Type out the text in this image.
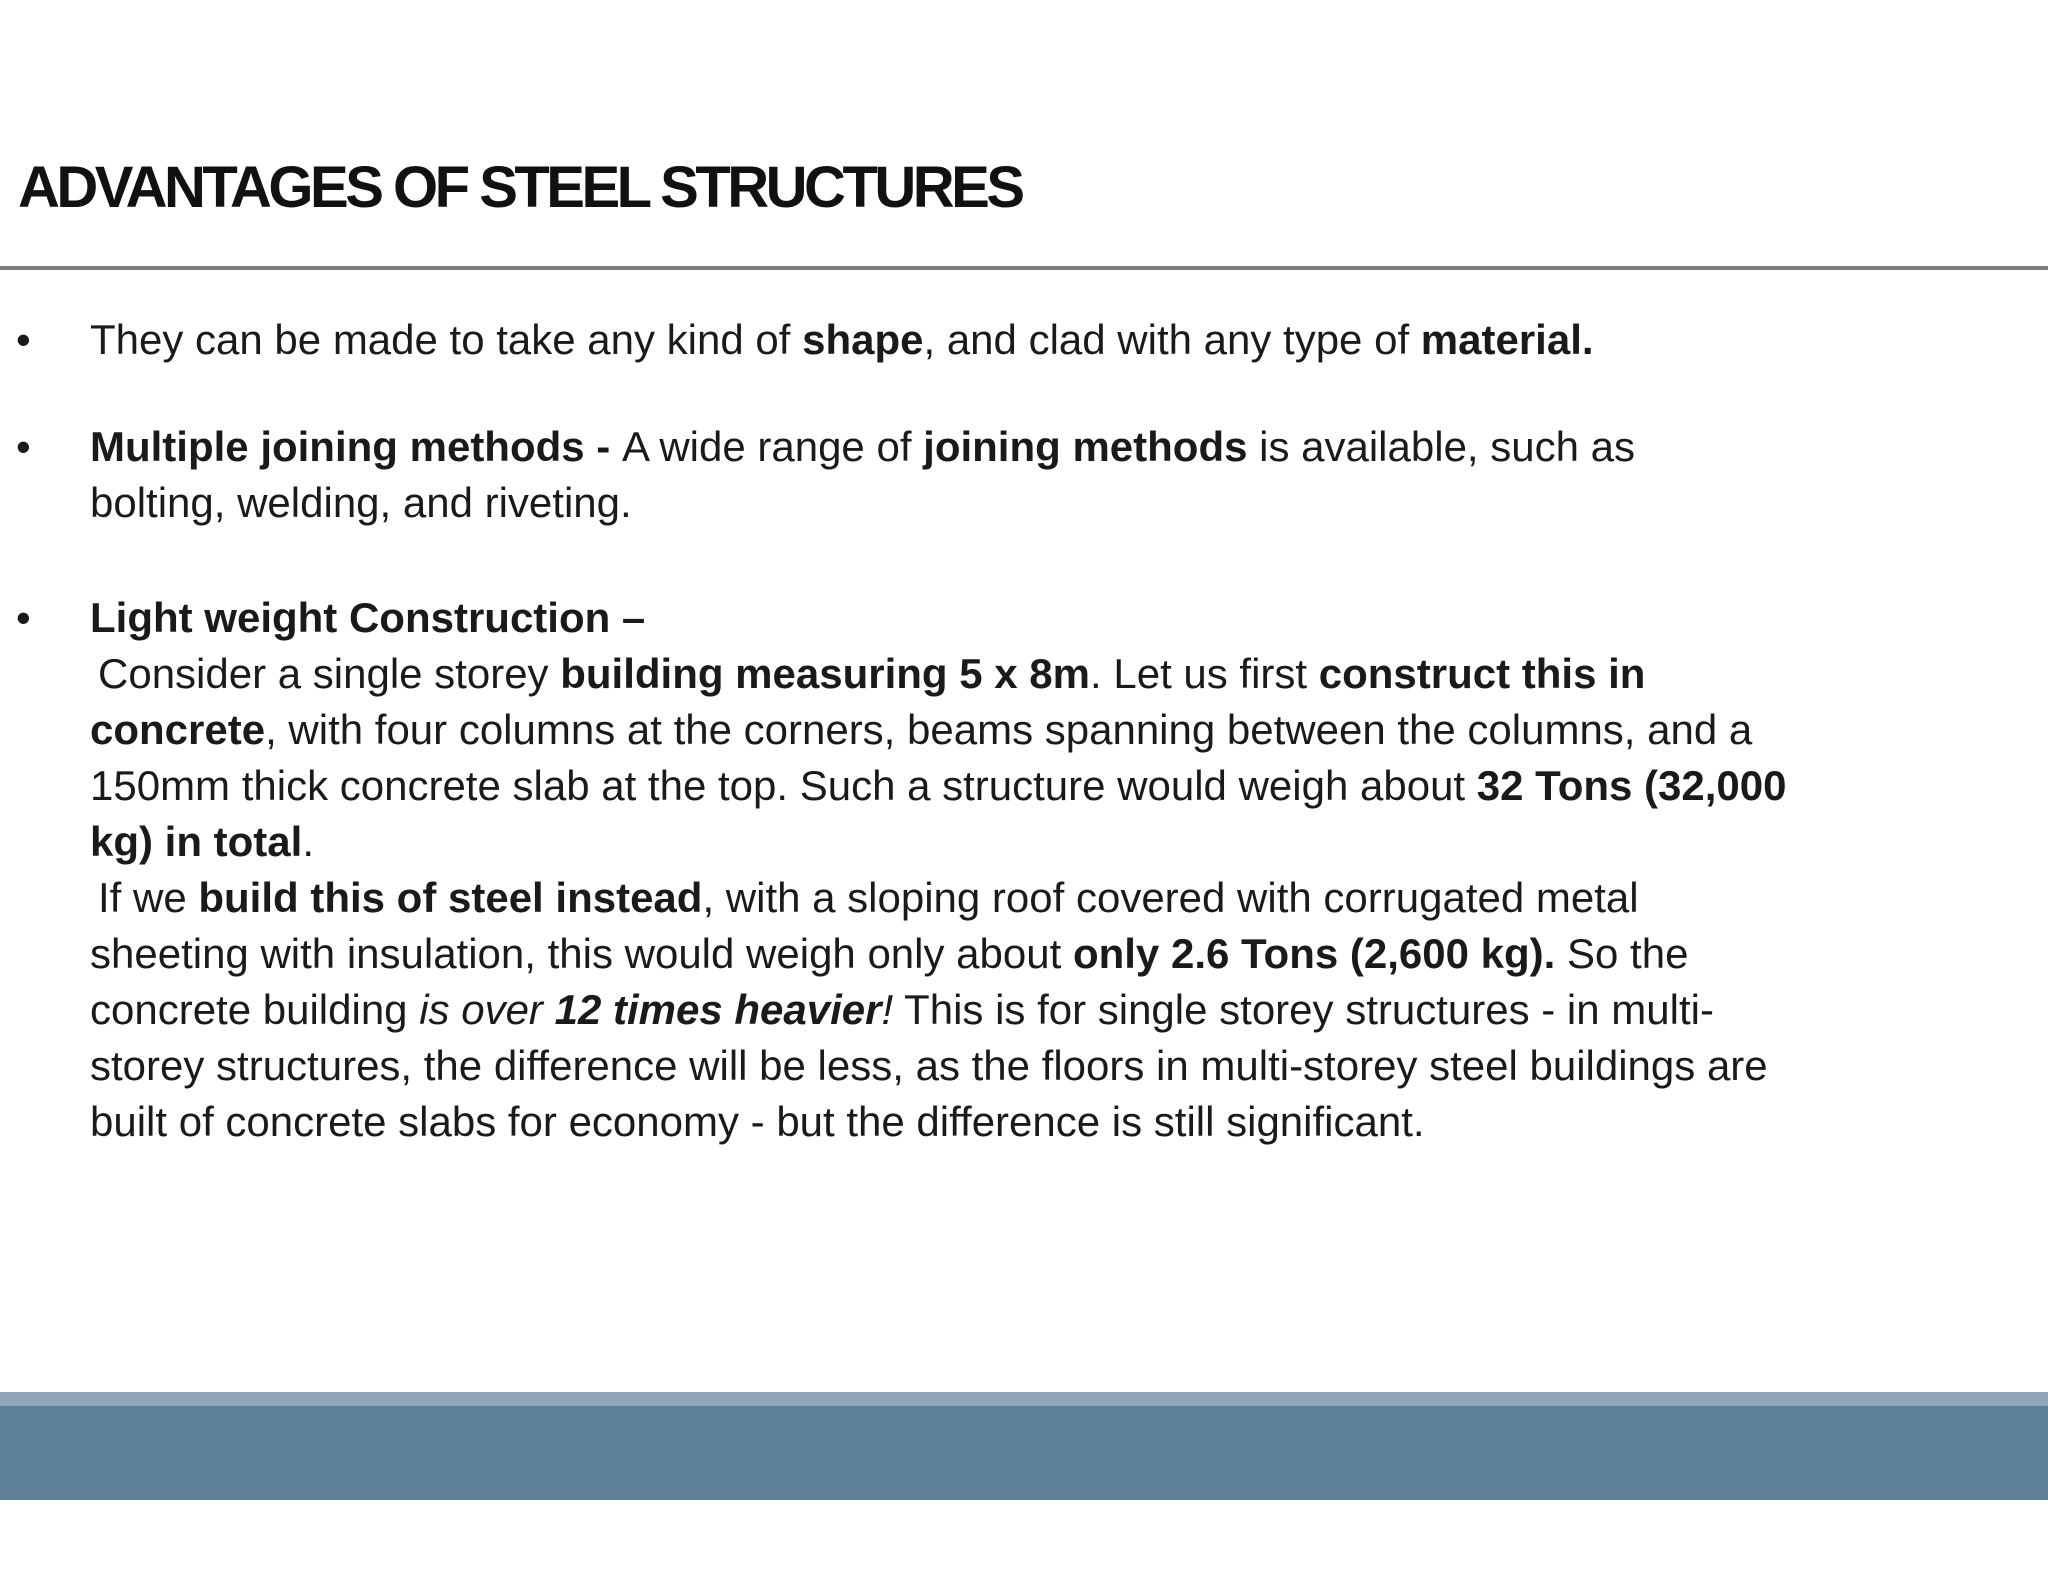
ADVANTAGES OF STEEL STRUCTURES
• They can be made to take any kind of shape, and clad with any type of material.
• Multiple joining methods - A wide range of joining methods is available, such as
bolting, welding, and riveting.
• Light weight Construction –
Consider a single storey building measuring 5 x 8m. Let us first construct this in
concrete, with four columns at the corners, beams spanning between the columns, and a
150mm thick concrete slab at the top. Such a structure would weigh about 32 Tons (32,000
kg) in total.
If we build this of steel instead, with a sloping roof covered with corrugated metal
sheeting with insulation, this would weigh only about only 2.6 Tons (2,600 kg). So the
concrete building is over 12 times heavier! This is for single storey structures - in multi-
storey structures, the difference will be less, as the floors in multi-storey steel buildings are
built of concrete slabs for economy - but the difference is still significant.
